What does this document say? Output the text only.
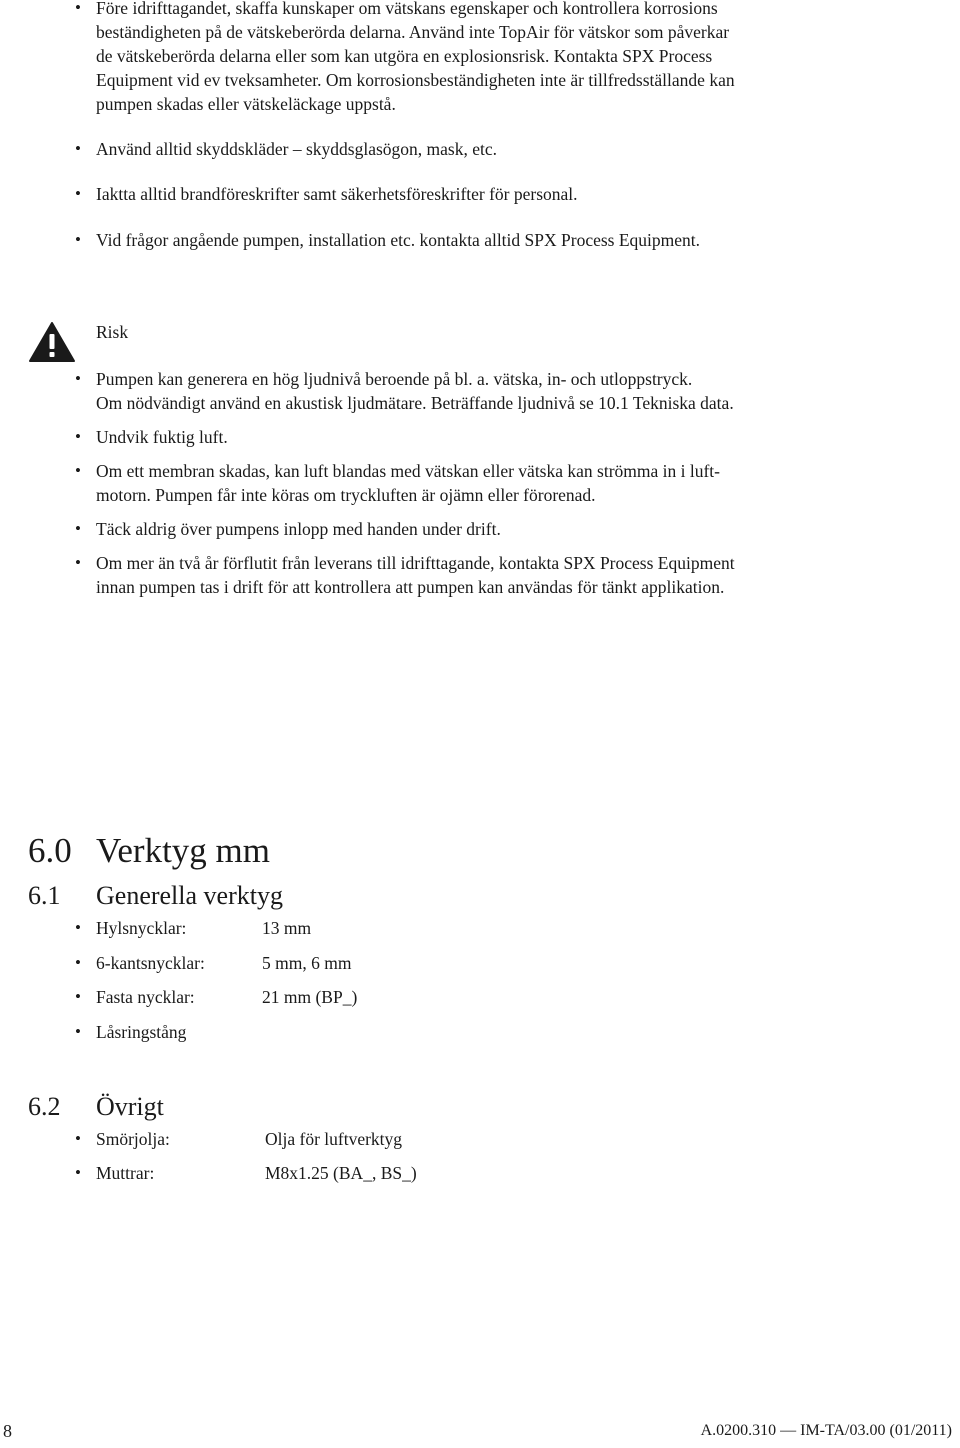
• Före idrifttagandet, skaffa kunskaper om vätskans egenskaper och kontrollera korrosions
beständigheten på de vätskeberörda delarna. Använd inte TopAir för vätskor som påverkar
de vätskeberörda delarna eller som kan utgöra en explosionsrisk. Kontakta SPX Process
Equipment vid ev tveksamheter. Om korrosionsbeständigheten inte är tillfredsställande kan
pumpen skadas eller vätskeläckage uppstå.
• Använd alltid skyddskläder – skyddsglasögon, mask, etc.
• Iaktta alltid brandföreskrifter samt säkerhetsföreskrifter för personal.
• Vid frågor angående pumpen, installation etc. kontakta alltid SPX Process Equipment.
Risk
• Pumpen kan generera en hög ljudnivå beroende på bl. a. vätska, in- och utloppstryck.
Om nödvändigt använd en akustisk ljudmätare. Beträffande ljudnivå se 10.1 Tekniska data.
• Undvik fuktig luft.
• Om ett membran skadas, kan luft blandas med vätskan eller vätska kan strömma in i luft-
motorn. Pumpen får inte köras om tryckluften är ojämn eller förorenad.
• Täck aldrig över pumpens inlopp med handen under drift.
• Om mer än två år förflutit från leverans till idrifttagande, kontakta SPX Process Equipment
innan pumpen tas i drift för att kontrollera att pumpen kan användas för tänkt applikation.
6.0 Verktyg mm
6.1 Generella verktyg
Hylsnycklar:	13 mm
6-kantsnycklar:	5 mm, 6 mm
Fasta nycklar:	21 mm (BP_)
Låsringstång
6.2 Övrigt
Smörjolja:	Olja för luftverktyg
Muttrar:	M8x1.25 (BA_, BS_)
8	A.0200.310 — IM-TA/03.00 (01/2011)
